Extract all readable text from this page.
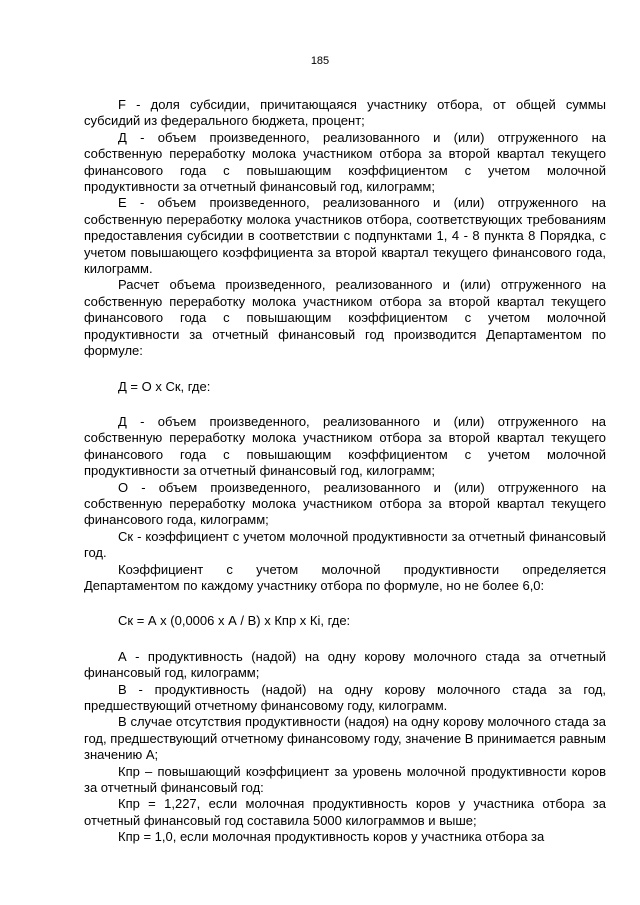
185

F - доля субсидии, причитающаяся участнику отбора, от общей суммы субсидий из федерального бюджета, процент;

Д - объем произведенного, реализованного и (или) отгруженного на собственную переработку молока участником отбора за второй квартал текущего финансового года с повышающим коэффициентом с учетом молочной продуктивности за отчетный финансовый год, килограмм;

Е - объем произведенного, реализованного и (или) отгруженного на собственную переработку молока участников отбора, соответствующих требованиям предоставления субсидии в соответствии с подпунктами 1, 4 - 8 пункта 8 Порядка, с учетом повышающего коэффициента за второй квартал текущего финансового года, килограмм.

Расчет объема произведенного, реализованного и (или) отгруженного на собственную переработку молока участником отбора за второй квартал текущего финансового года с повышающим коэффициентом с учетом молочной продуктивности за отчетный финансовый год производится Департаментом по формуле:

Д = О х Ск, где:

Д - объем произведенного, реализованного и (или) отгруженного на собственную переработку молока участником отбора за второй квартал текущего финансового года с повышающим коэффициентом с учетом молочной продуктивности за отчетный финансовый год, килограмм;

О - объем произведенного, реализованного и (или) отгруженного на собственную переработку молока участником отбора за второй квартал текущего финансового года, килограмм;

Ск - коэффициент с учетом молочной продуктивности за отчетный финансовый год.

Коэффициент с учетом молочной продуктивности определяется Департаментом по каждому участнику отбора по формуле, но не более 6,0:

Ск = А х (0,0006 х А / В) х Кпр х Кi, где:

А - продуктивность (надой) на одну корову молочного стада за отчетный финансовый год, килограмм;

В - продуктивность (надой) на одну корову молочного стада за год, предшествующий отчетному финансовому году, килограмм.

В случае отсутствия продуктивности (надоя) на одну корову молочного стада за год, предшествующий отчетному финансовому году, значение В принимается равным значению А;

Кпр – повышающий коэффициент за уровень молочной продуктивности коров за отчетный финансовый год:

Кпр = 1,227, если молочная продуктивность коров у участника отбора за отчетный финансовый год составила 5000 килограммов и выше;

Кпр = 1,0, если молочная продуктивность коров у участника отбора за
